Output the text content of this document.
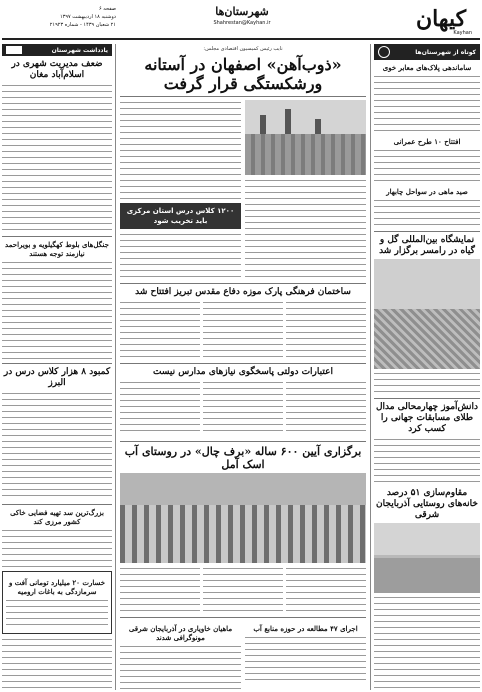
کیهان
Kayhan
شهرستان‌ها
Shahrestan@Kayhan.ir
صفحه ۶
دوشنبه ۱۸ اردیبهشت ۱۳۹۷
۲۱ شعبان ۱۴۳۹ - شماره ۲۱۹۲۳
کوتاه از شهرستان‌ها
ساماندهی پلاک‌های معابر خوی
افتتاح ۱۰ طرح عمرانی
صید ماهی در سواحل چابهار
نمایشگاه بین‌المللی گل و گیاه در رامسر برگزار شد
دانش‌آموز چهارمحالی مدال طلای مسابقات جهانی را کسب کرد
مقاوم‌سازی ۵۱ درصد خانه‌های روستایی آذربایجان شرقی
نایب رئیس کمیسیون اقتصادی مجلس:
«ذوب‌آهن» اصفهان در آستانه ورشکستگی قرار گرفت
۱۲۰۰ کلاس درس استان مرکزی باید تخریب شود
ساختمان فرهنگی پارک موزه دفاع مقدس تبریز افتتاح شد
اعتبارات دولتی پاسخگوی نیازهای مدارس نیست
برگزاری آیین ۶۰۰ ساله «برف چال» در روستای آب اسک آمل
اجرای ۴۷ مطالعه در حوزه منابع آب
ماهیان خاویاری در آذربایجان شرقی مونوگرافی شدند
یادداشت شهرستان
ضعف مدیریت شهری در اسلام‌آباد مغان
جنگل‌های بلوط کهگیلویه و بویراحمد نیازمند توجه هستند
کمبود ۸ هزار کلاس درس در البرز
بزرگ‌ترین سد تهیه فضایی خاکی کشور مرزی کند
خسارت ۲۰ میلیارد تومانی آفت و سرمازدگی به باغات ارومیه
